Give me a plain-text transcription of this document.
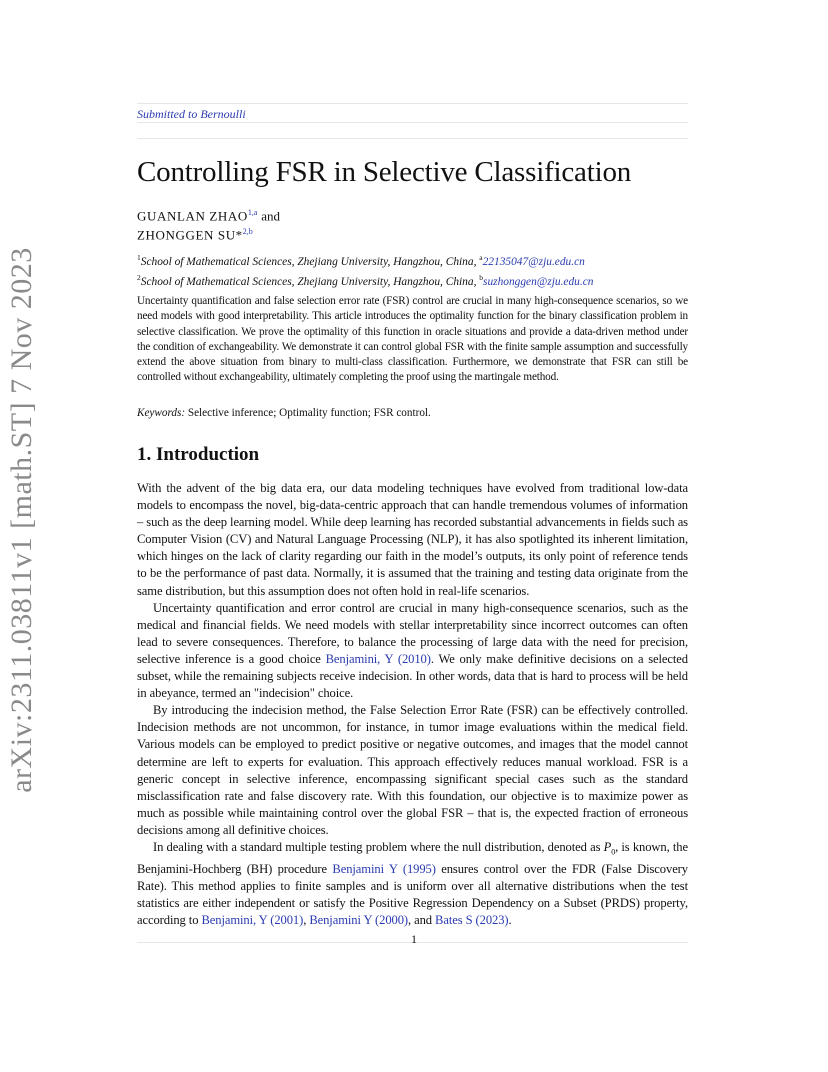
arXiv:2311.03811v1 [math.ST] 7 Nov 2023
Submitted to Bernoulli
Controlling FSR in Selective Classification
GUANLAN ZHAO$^{1,a}$ and
ZHONGGEN SU*$^{2,b}$
$^1$School of Mathematical Sciences, Zhejiang University, Hangzhou, China, $^a$22135047@zju.edu.cn
$^2$School of Mathematical Sciences, Zhejiang University, Hangzhou, China, $^b$suzhonggen@zju.edu.cn
Uncertainty quantification and false selection error rate (FSR) control are crucial in many high-consequence scenarios, so we need models with good interpretability. This article introduces the optimality function for the binary classification problem in selective classification. We prove the optimality of this function in oracle situations and provide a data-driven method under the condition of exchangeability. We demonstrate it can control global FSR with the finite sample assumption and successfully extend the above situation from binary to multi-class classification. Furthermore, we demonstrate that FSR can still be controlled without exchangeability, ultimately completing the proof using the martingale method.
Keywords: Selective inference; Optimality function; FSR control.
1. Introduction

With the advent of the big data era, our data modeling techniques have evolved from traditional low-data models to encompass the novel, big-data-centric approach that can handle tremendous volumes of information – such as the deep learning model. While deep learning has recorded substantial advancements in fields such as Computer Vision (CV) and Natural Language Processing (NLP), it has also spotlighted its inherent limitation, which hinges on the lack of clarity regarding our faith in the model’s outputs, its only point of reference tends to be the performance of past data. Normally, it is assumed that the training and testing data originate from the same distribution, but this assumption does not often hold in real-life scenarios.

Uncertainty quantification and error control are crucial in many high-consequence scenarios, such as the medical and financial fields. We need models with stellar interpretability since incorrect outcomes can often lead to severe consequences. Therefore, to balance the processing of large data with the need for precision, selective inference is a good choice Benjamini, Y (2010). We only make definitive decisions on a selected subset, while the remaining subjects receive indecision. In other words, data that is hard to process will be held in abeyance, termed an "indecision" choice.

By introducing the indecision method, the False Selection Error Rate (FSR) can be effectively controlled. Indecision methods are not uncommon, for instance, in tumor image evaluations within the medical field. Various models can be employed to predict positive or negative outcomes, and images that the model cannot determine are left to experts for evaluation. This approach effectively reduces manual workload. FSR is a generic concept in selective inference, encompassing significant special cases such as the standard misclassification rate and false discovery rate. With this foundation, our objective is to maximize power as much as possible while maintaining control over the global FSR – that is, the expected fraction of erroneous decisions among all definitive choices.

In dealing with a standard multiple testing problem where the null distribution, denoted as $P_0$, is known, the Benjamini-Hochberg (BH) procedure Benjamini Y (1995) ensures control over the FDR (False Discovery Rate). This method applies to finite samples and is uniform over all alternative distributions when the test statistics are either independent or satisfy the Positive Regression Dependency on a Subset (PRDS) property, according to Benjamini, Y (2001), Benjamini Y (2000), and Bates S (2023).

1
